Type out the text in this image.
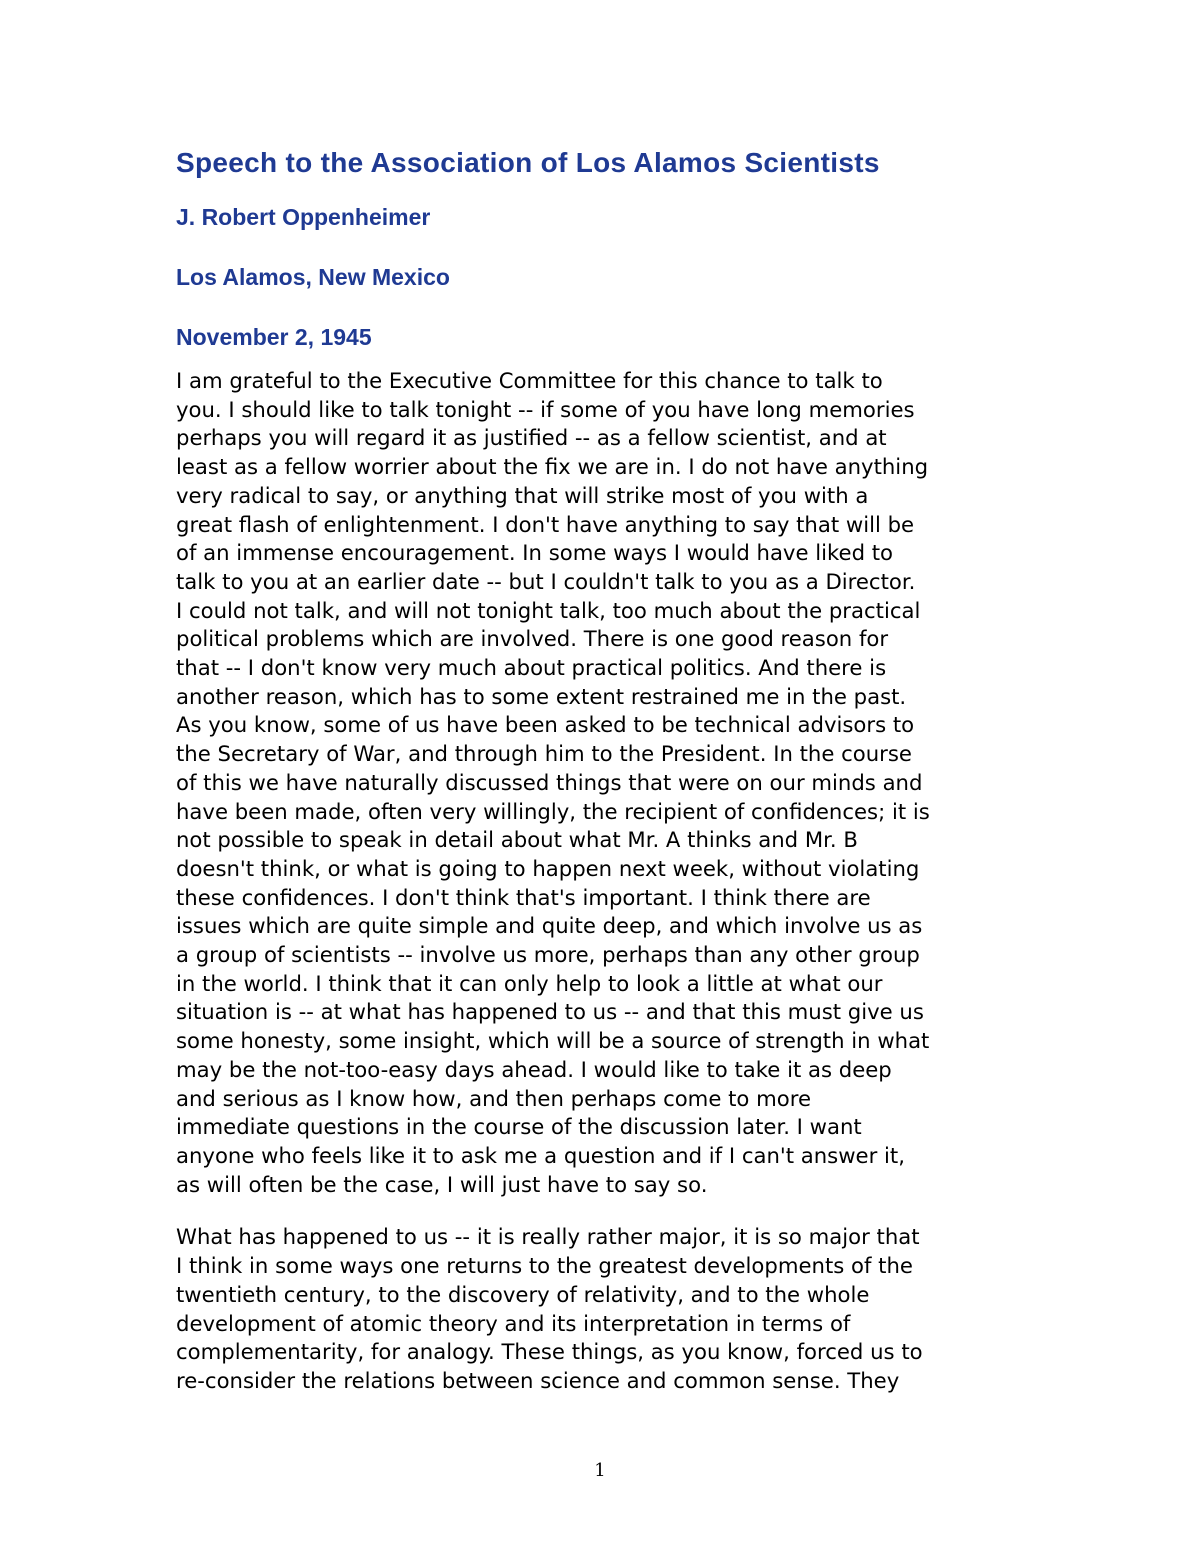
Speech to the Association of Los Alamos Scientists

J. Robert Oppenheimer

Los Alamos, New Mexico

November 2, 1945

I am grateful to the Executive Committee for this chance to talk to
you. I should like to talk tonight -- if some of you have long memories
perhaps you will regard it as justified -- as a fellow scientist, and at
least as a fellow worrier about the fix we are in. I do not have anything
very radical to say, or anything that will strike most of you with a
great flash of enlightenment. I don't have anything to say that will be
of an immense encouragement. In some ways I would have liked to
talk to you at an earlier date -- but I couldn't talk to you as a Director.
I could not talk, and will not tonight talk, too much about the practical
political problems which are involved. There is one good reason for
that -- I don't know very much about practical politics. And there is
another reason, which has to some extent restrained me in the past.
As you know, some of us have been asked to be technical advisors to
the Secretary of War, and through him to the President. In the course
of this we have naturally discussed things that were on our minds and
have been made, often very willingly, the recipient of confidences; it is
not possible to speak in detail about what Mr. A thinks and Mr. B
doesn't think, or what is going to happen next week, without violating
these confidences. I don't think that's important. I think there are
issues which are quite simple and quite deep, and which involve us as
a group of scientists -- involve us more, perhaps than any other group
in the world. I think that it can only help to look a little at what our
situation is -- at what has happened to us -- and that this must give us
some honesty, some insight, which will be a source of strength in what
may be the not-too-easy days ahead. I would like to take it as deep
and serious as I know how, and then perhaps come to more
immediate questions in the course of the discussion later. I want
anyone who feels like it to ask me a question and if I can't answer it,
as will often be the case, I will just have to say so.

What has happened to us -- it is really rather major, it is so major that
I think in some ways one returns to the greatest developments of the
twentieth century, to the discovery of relativity, and to the whole
development of atomic theory and its interpretation in terms of
complementarity, for analogy. These things, as you know, forced us to
re-consider the relations between science and common sense. They

1
